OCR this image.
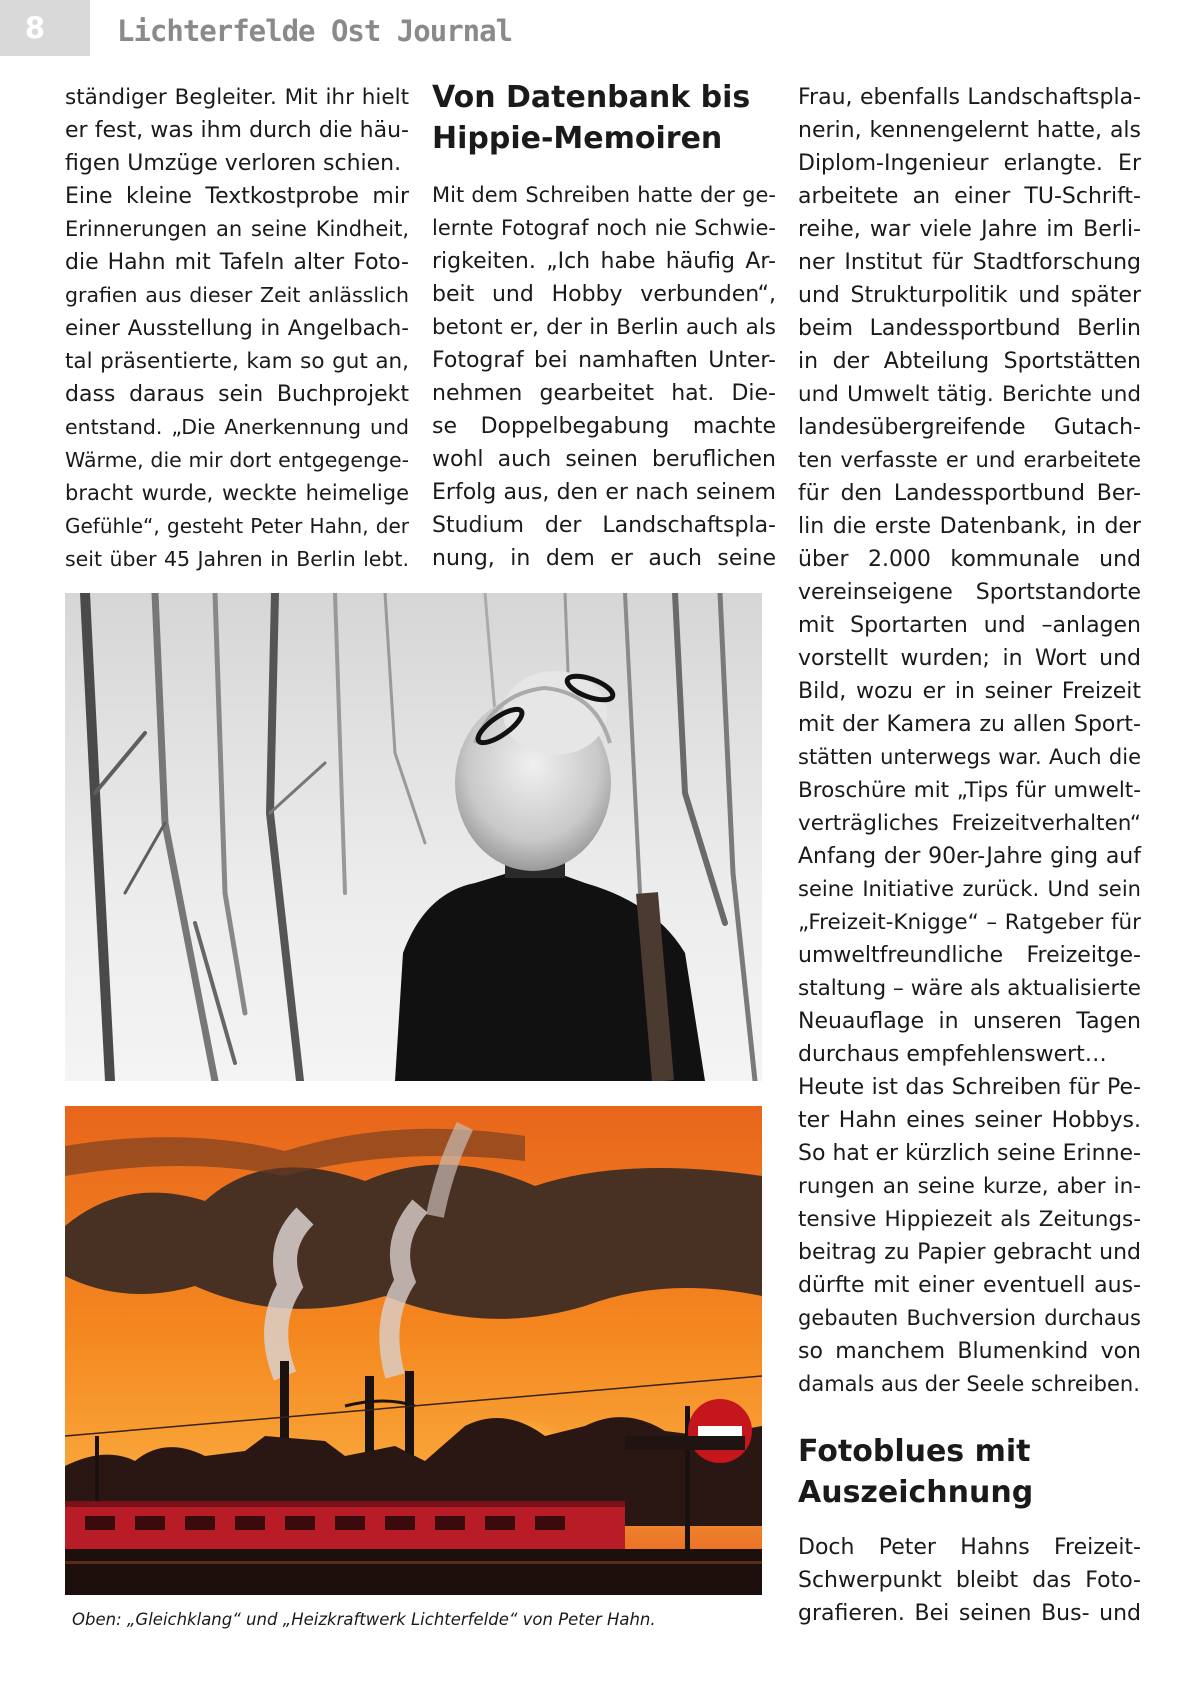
8	Lichterfelde Ost Journal
ständiger Begleiter. Mit ihr hielt
er fest, was ihm durch die häu-
figen Umzüge verloren schien.
Eine kleine Textkostprobe mir
Erinnerungen an seine Kindheit,
die Hahn mit Tafeln alter Foto-
grafien aus dieser Zeit anlässlich
einer Ausstellung in Angelbach-
tal präsentierte, kam so gut an,
dass daraus sein Buchprojekt
entstand. „Die Anerkennung und
Wärme, die mir dort entgegenge-
bracht wurde, weckte heimelige
Gefühle“, gesteht Peter Hahn, der
seit über 45 Jahren in Berlin lebt.
Von Datenbank bis
Hippie-Memoiren
Mit dem Schreiben hatte der ge-
lernte Fotograf noch nie Schwie-
rigkeiten. „Ich habe häufig Ar-
beit und Hobby verbunden“,
betont er, der in Berlin auch als
Fotograf bei namhaften Unter-
nehmen gearbeitet hat. Die-
se Doppelbegabung machte
wohl auch seinen beruflichen
Erfolg aus, den er nach seinem
Studium der Landschaftspla-
nung, in dem er auch seine
Frau, ebenfalls Landschaftspla-
nerin, kennengelernt hatte, als
Diplom-Ingenieur erlangte. Er
arbeitete an einer TU-Schrift-
reihe, war viele Jahre im Berli-
ner Institut für Stadtforschung
und Strukturpolitik und später
beim Landessportbund Berlin
in der Abteilung Sportstätten
und Umwelt tätig. Berichte und
landesübergreifende Gutach-
ten verfasste er und erarbeitete
für den Landessportbund Ber-
lin die erste Datenbank, in der
über 2.000 kommunale und
vereinseigene Sportstandorte
mit Sportarten und –anlagen
vorstellt wurden; in Wort und
Bild, wozu er in seiner Freizeit
mit der Kamera zu allen Sport-
stätten unterwegs war. Auch die
Broschüre mit „Tips für umwelt-
verträgliches Freizeitverhalten“
Anfang der 90er-Jahre ging auf
seine Initiative zurück. Und sein
„Freizeit-Knigge“ – Ratgeber für
umweltfreundliche Freizeitge-
staltung – wäre als aktualisierte
Neuauflage in unseren Tagen
durchaus empfehlenswert…
Heute ist das Schreiben für Pe-
ter Hahn eines seiner Hobbys.
So hat er kürzlich seine Erinne-
rungen an seine kurze, aber in-
tensive Hippiezeit als Zeitungs-
beitrag zu Papier gebracht und
dürfte mit einer eventuell aus-
gebauten Buchversion durchaus
so manchem Blumenkind von
damals aus der Seele schreiben.
Fotoblues mit
Auszeichnung
Doch Peter Hahns Freizeit-
Schwerpunkt bleibt das Foto-
grafieren. Bei seinen Bus- und
Oben: „Gleichklang“ und „Heizkraftwerk Lichterfelde“ von Peter Hahn.
